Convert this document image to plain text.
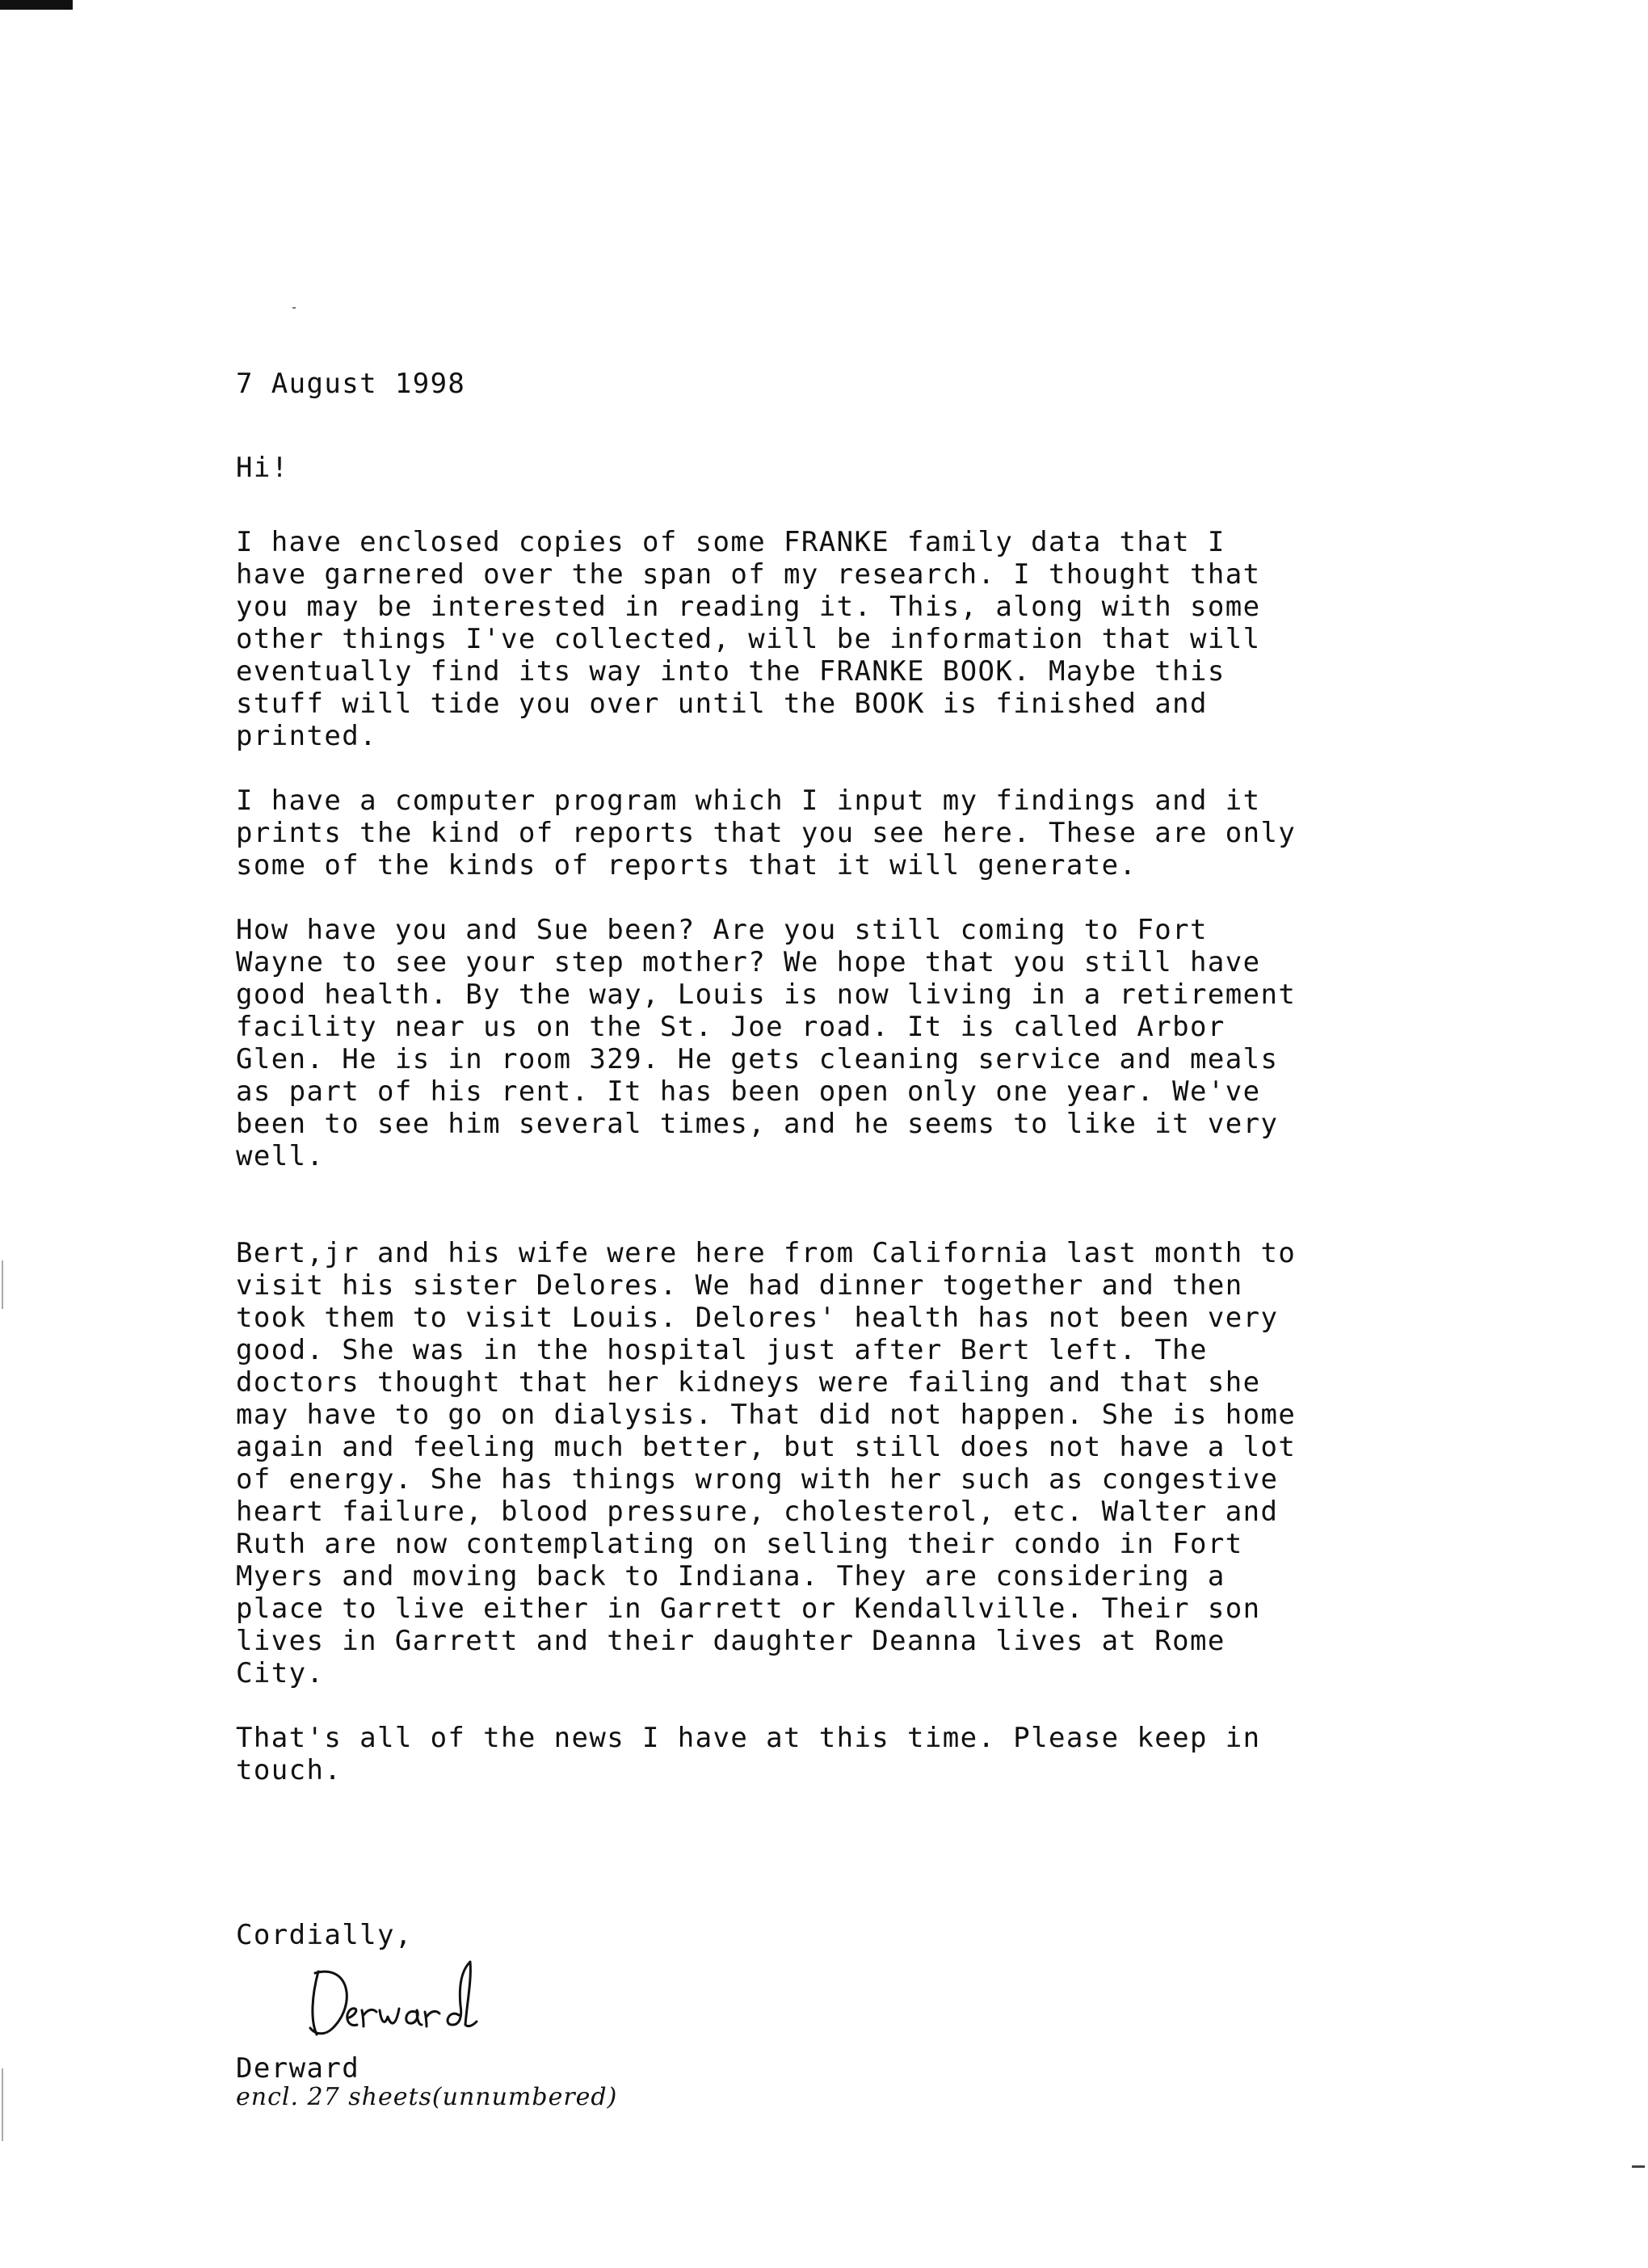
7 August 1998
Hi!
I have enclosed copies of some FRANKE family data that I
have garnered over the span of my research. I thought that
you may be interested in reading it. This, along with some
other things I've collected, will be information that will
eventually find its way into the FRANKE BOOK. Maybe this
stuff will tide you over until the BOOK is finished and
printed.
I have a computer program which I input my findings and it
prints the kind of reports that you see here. These are only
some of the kinds of reports that it will generate.
How have you and Sue been? Are you still coming to Fort
Wayne to see your step mother? We hope that you still have
good health. By the way, Louis is now living in a retirement
facility near us on the St. Joe road. It is called Arbor
Glen. He is in room 329. He gets cleaning service and meals
as part of his rent. It has been open only one year. We've
been to see him several times, and he seems to like it very
well.
Bert,jr and his wife were here from California last month to
visit his sister Delores. We had dinner together and then
took them to visit Louis. Delores' health has not been very
good. She was in the hospital just after Bert left. The
doctors thought that her kidneys were failing and that she
may have to go on dialysis. That did not happen. She is home
again and feeling much better, but still does not have a lot
of energy. She has things wrong with her such as congestive
heart failure, blood pressure, cholesterol, etc. Walter and
Ruth are now contemplating on selling their condo in Fort
Myers and moving back to Indiana. They are considering a
place to live either in Garrett or Kendallville. Their son
lives in Garrett and their daughter Deanna lives at Rome
City.
That's all of the news I have at this time. Please keep in
touch.
Cordially,
Derward
encl. 27 sheets(unnumbered)
